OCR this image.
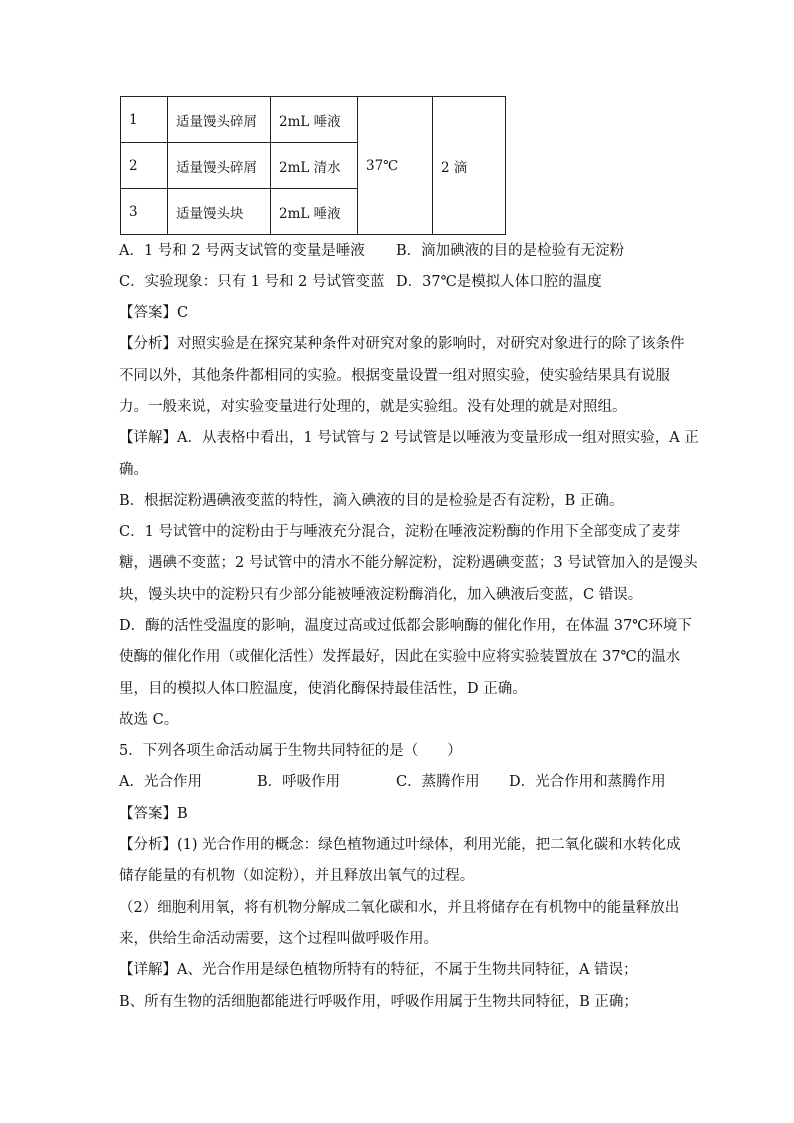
1	适量馒头碎屑	2mL 唾液	37℃	2 滴
2	适量馒头碎屑	2mL 清水		
3	适量馒头块	2mL 唾液		
A．1 号和 2 号两支试管的变量是唾液 B．滴加碘液的目的是检验有无淀粉
C．实验现象：只有 1 号和 2 号试管变蓝 D．37℃是模拟人体口腔的温度
【答案】C
【分析】对照实验是在探究某种条件对研究对象的影响时，对研究对象进行的除了该条件
不同以外，其他条件都相同的实验。根据变量设置一组对照实验，使实验结果具有说服
力。一般来说，对实验变量进行处理的，就是实验组。没有处理的就是对照组。
【详解】A．从表格中看出，1 号试管与 2 号试管是以唾液为变量形成一组对照实验，A 正
确。
B．根据淀粉遇碘液变蓝的特性，滴入碘液的目的是检验是否有淀粉，B 正确。
C．1 号试管中的淀粉由于与唾液充分混合，淀粉在唾液淀粉酶的作用下全部变成了麦芽
糖，遇碘不变蓝；2 号试管中的清水不能分解淀粉，淀粉遇碘变蓝；3 号试管加入的是馒头
块，馒头块中的淀粉只有少部分能被唾液淀粉酶消化，加入碘液后变蓝，C 错误。
D．酶的活性受温度的影响，温度过高或过低都会影响酶的催化作用，在体温 37℃环境下
使酶的催化作用（或催化活性）发挥最好，因此在实验中应将实验装置放在 37℃的温水
里，目的模拟人体口腔温度，使消化酶保持最佳活性，D 正确。
故选 C。
5．下列各项生命活动属于生物共同特征的是（　　）
A．光合作用	B．呼吸作用	C．蒸腾作用 D．光合作用和蒸腾作用
【答案】B
【分析】(1) 光合作用的概念：绿色植物通过叶绿体，利用光能，把二氧化碳和水转化成
储存能量的有机物（如淀粉），并且释放出氧气的过程。
（2）细胞利用氧，将有机物分解成二氧化碳和水，并且将储存在有机物中的能量释放出
来，供给生命活动需要，这个过程叫做呼吸作用。
【详解】A、光合作用是绿色植物所特有的特征，不属于生物共同特征，A 错误；
B、所有生物的活细胞都能进行呼吸作用，呼吸作用属于生物共同特征，B 正确；
